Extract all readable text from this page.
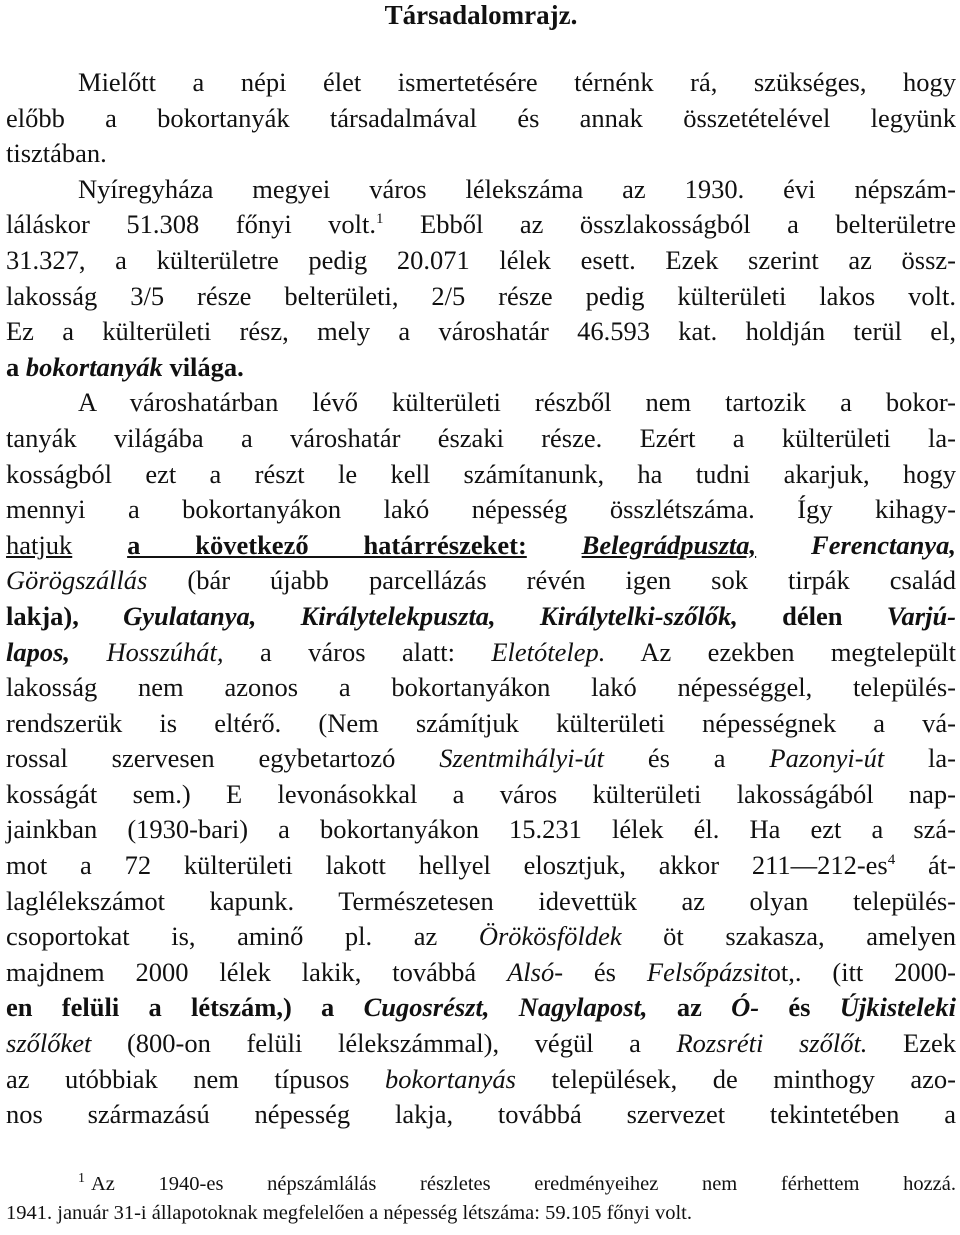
Társadalomrajz.
Mielőtt a népi élet ismertetésére térnénk rá, szükséges, hogy
előbb a bokortanyák társadalmával és annak összetételével legyünk
tisztában.
Nyíregyháza megyei város lélekszáma az 1930. évi népszám-
láláskor 51.308 főnyi volt.$^1$ Ebből az összlakosságból a belterületre
31.327, a külterületre pedig 20.071 lélek esett. Ezek szerint az össz-
lakosság 3/5 része belterületi, 2/5 része pedig külterületi lakos volt.
Ez a külterületi rész, mely a városhatár 46.593 kat. holdján terül el,
a bokortanyák világa.
A városhatárban lévő külterületi részből nem tartozik a bokor-
tanyák világába a városhatár északi része. Ezért a külterületi la-
kosságból ezt a részt le kell számítanunk, ha tudni akarjuk, hogy
mennyi a bokortanyákon lakó népesség összlétszáma. Így kihagy-
hatjuk a következő határrészeket: Belegrádpuszta, Ferenctanya,
Görögszállás (bár újabb parcellázás révén igen sok tirpák család
lakja), Gyulatanya, Királytelekpuszta, Királytelki-szőlők, délen Varjú-
lapos, Hosszúhát, a város alatt: Eletótelep. Az ezekben megtelepült
lakosság nem azonos a bokortanyákon lakó népességgel, település-
rendszerük is eltérő. (Nem számítjuk külterületi népességnek a vá-
rossal szervesen egybetartozó Szentmihályi-út és a Pazonyi-út la-
kosságát sem.) E levonásokkal a város külterületi lakosságából nap-
jainkban (1930-bari) a bokortanyákon 15.231 lélek él. Ha ezt a szá-
mot a 72 külterületi lakott hellyel elosztjuk, akkor $211—212-es^4$ át-
laglélekszámot kapunk. Természetesen idevettük az olyan település-
csoportokat is, aminő pl. az Örökösföldek öt szakasza, amelyen
majdnem 2000 lélek lakik, továbbá Alsó- és Felsőpázsitot,. (itt 2000-
en felüli a létszám,) a Cugosrészt, Nagylapost, az Ó- és Újkisteleki
szőlőket (800-on felüli lélekszámmal), végül a Rozsréti szőlőt. Ezek
az utóbbiak nem típusos bokortanyás települések, de minthogy azo-
nos származású népesség lakja, továbbá szervezet tekintetében a
$^1$ Az 1940-es népszámlálás részletes eredményeihez nem férhettem hozzá.
1941. január 31-i állapotoknak megfelelően a népesség létszáma: 59.105 főnyi volt.
